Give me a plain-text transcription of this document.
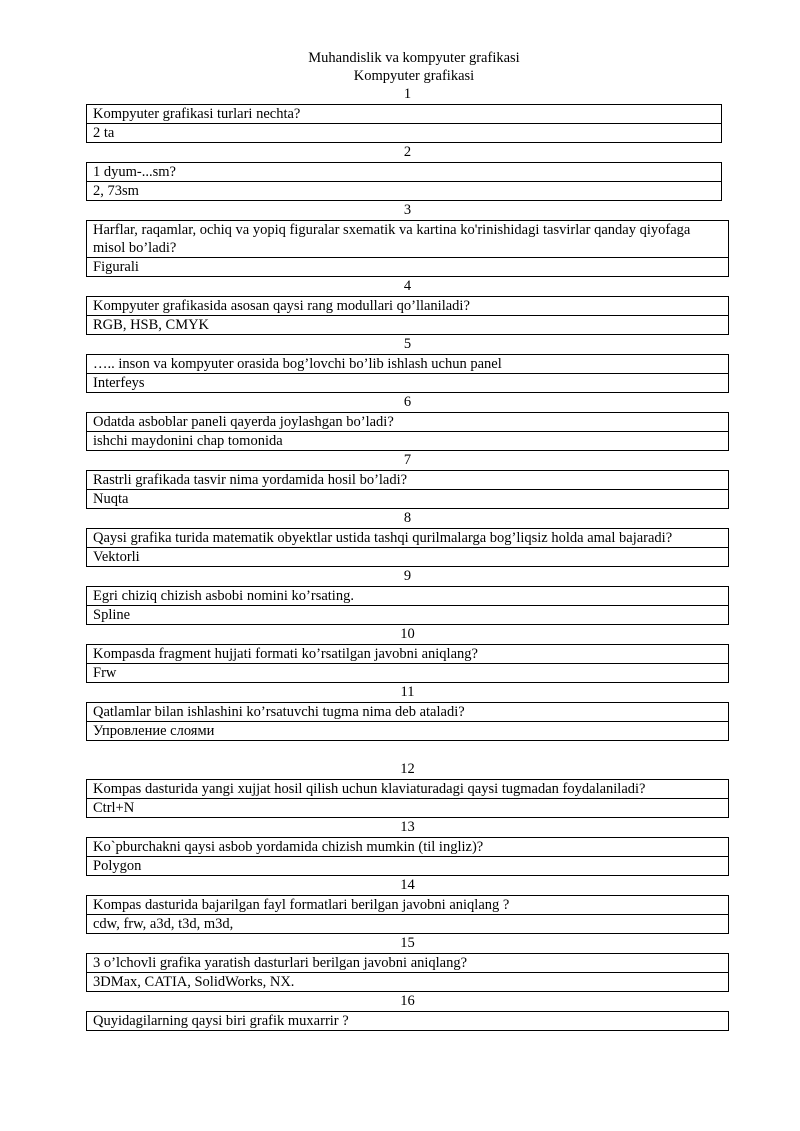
Muhandislik va kompyuter grafikasi
Kompyuter grafikasi
1
Kompyuter grafikasi turlari nechta?
2 ta
2
1 dyum-...sm?
2, 73sm
3
Harflar, raqamlar, ochiq va yopiq figuralar sxematik va kartina ko'rinishidagi tasvirlar qanday qiyofaga misol bo’ladi?
Figurali
4
Kompyuter grafikasida asosan qaysi rang modullari qo’llaniladi?
RGB, HSB, CMYK
5
….. inson va kompyuter orasida bog’lovchi bo’lib ishlash uchun panel
Interfeys
6
Odatda asboblar paneli qayerda joylashgan bo’ladi?
ishchi maydonini chap tomonida
7
Rastrli grafikada tasvir nima yordamida hosil bo’ladi?
Nuqta
8
Qaysi grafika turida matematik obyektlar ustida tashqi qurilmalarga bog’liqsiz holda amal bajaradi?
Vektorli
9
Egri chiziq chizish asbobi nomini ko’rsating.
Spline
10
Kompasda fragment hujjati formati ko’rsatilgan javobni aniqlang?
Frw
11
Qatlamlar bilan ishlashini ko’rsatuvchi tugma nima deb ataladi?
Упровление слоями
12
Kompas dasturida yangi xujjat hosil qilish uchun klaviaturadagi qaysi tugmadan foydalaniladi?
Ctrl+N
13
Ko`pburchakni qaysi asbob yordamida chizish mumkin (til ingliz)?
Polygon
14
Kompas dasturida bajarilgan fayl formatlari berilgan javobni aniqlang ?
cdw, frw, a3d, t3d, m3d,
15
3 o’lchovli grafika yaratish dasturlari berilgan javobni aniqlang?
3DMax, CATIA, SolidWorks, NX.
16
Quyidagilarning qaysi biri grafik muxarrir ?
